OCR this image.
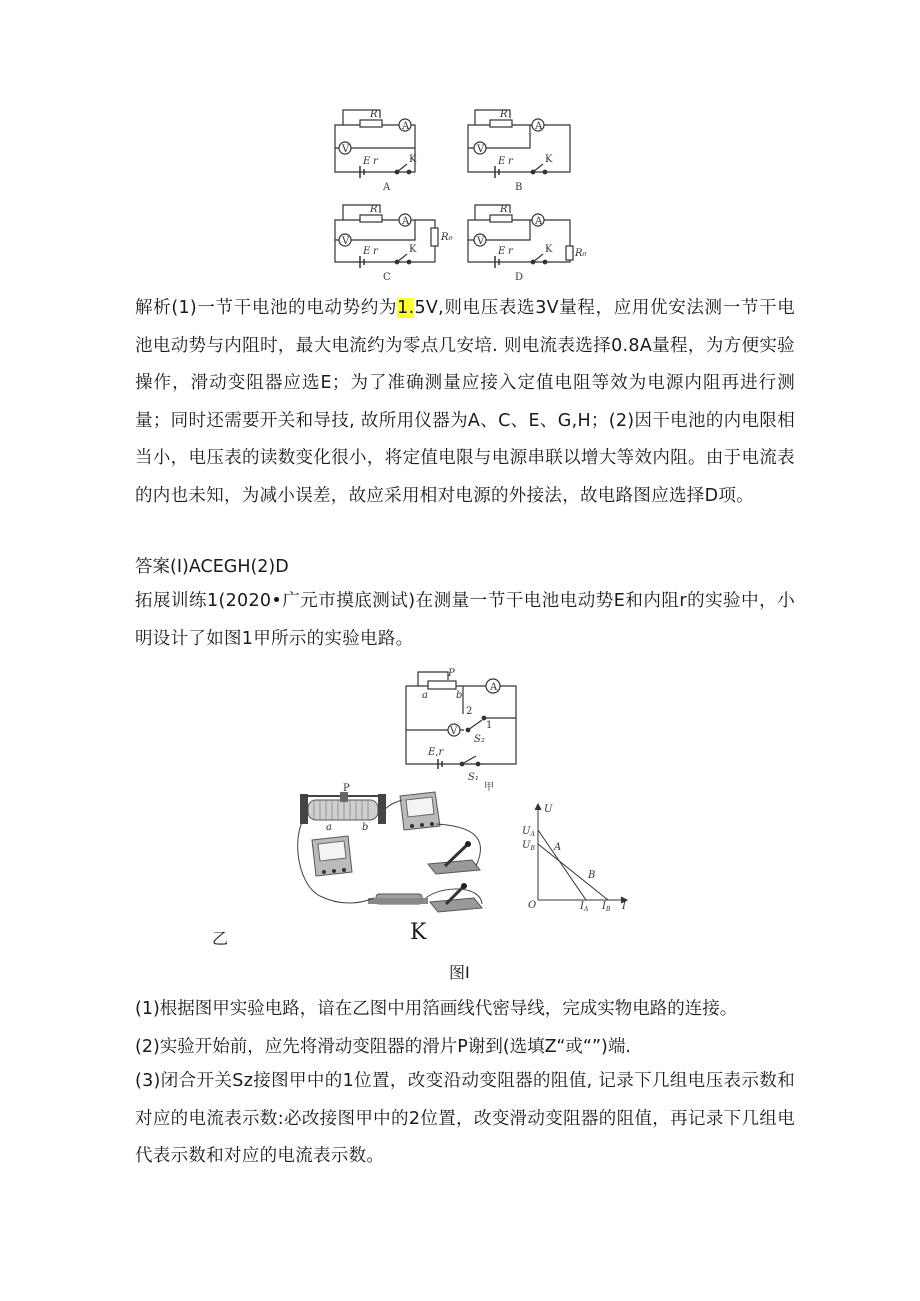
R
A
V
E r	K
A
R
A
V
E r	K
B
R
A
V	R₀
E r	K
C
R
A
V
R₀
E r	K
D

解析(1)一节干电池的电动势约为1.5V,则电压表选3V量程，应用优安法测一节干电池电动势与内阻时，最大电流约为零点几安培. 则电流表选择0.8A量程，为方便实验操作，滑动变阻器应选E；为了准确测量应接入定值电阻等效为电源内阻再进行测量；同时还需要开关和导技, 故所用仪器为A、C、E、G,H；(2)因干电池的内电限相当小，电压表的读数变化很小，将定值电限与电源串联以增大等效内阻。由于电流表的内也未知，为减小误差，故应采用相对电源的外接法，故电路图应选择D项。

答案(I)ACEGH(2)D

拓展训练1(2020•广元市摸底测试)在测量一节干电池电动势E和内阻r的实验中，小明设计了如图1甲所示的实验电路。

P
a	b
A
V
2
1
S₂
E,r
S₁
甲
P
a	b
U
$U_A$
$U_B$ A
B
O	$I_A$ $I_B$ I
乙	K
图I
(1)根据图甲实验电路，谙在乙图中用箔画线代密导线，完成实物电路的连接。
(2)实验开始前，应先将滑动变阻器的滑片P谢到(选填Z“或“”)端.

(3)闭合开关Sz接图甲中的1位置，改变沿动变阻器的阻值, 记录下几组电压表示数和对应的电流表示数:必改接图甲中的2位置，改变滑动变阻器的阻值，再记录下几组电代表示数和对应的电流表示数。
